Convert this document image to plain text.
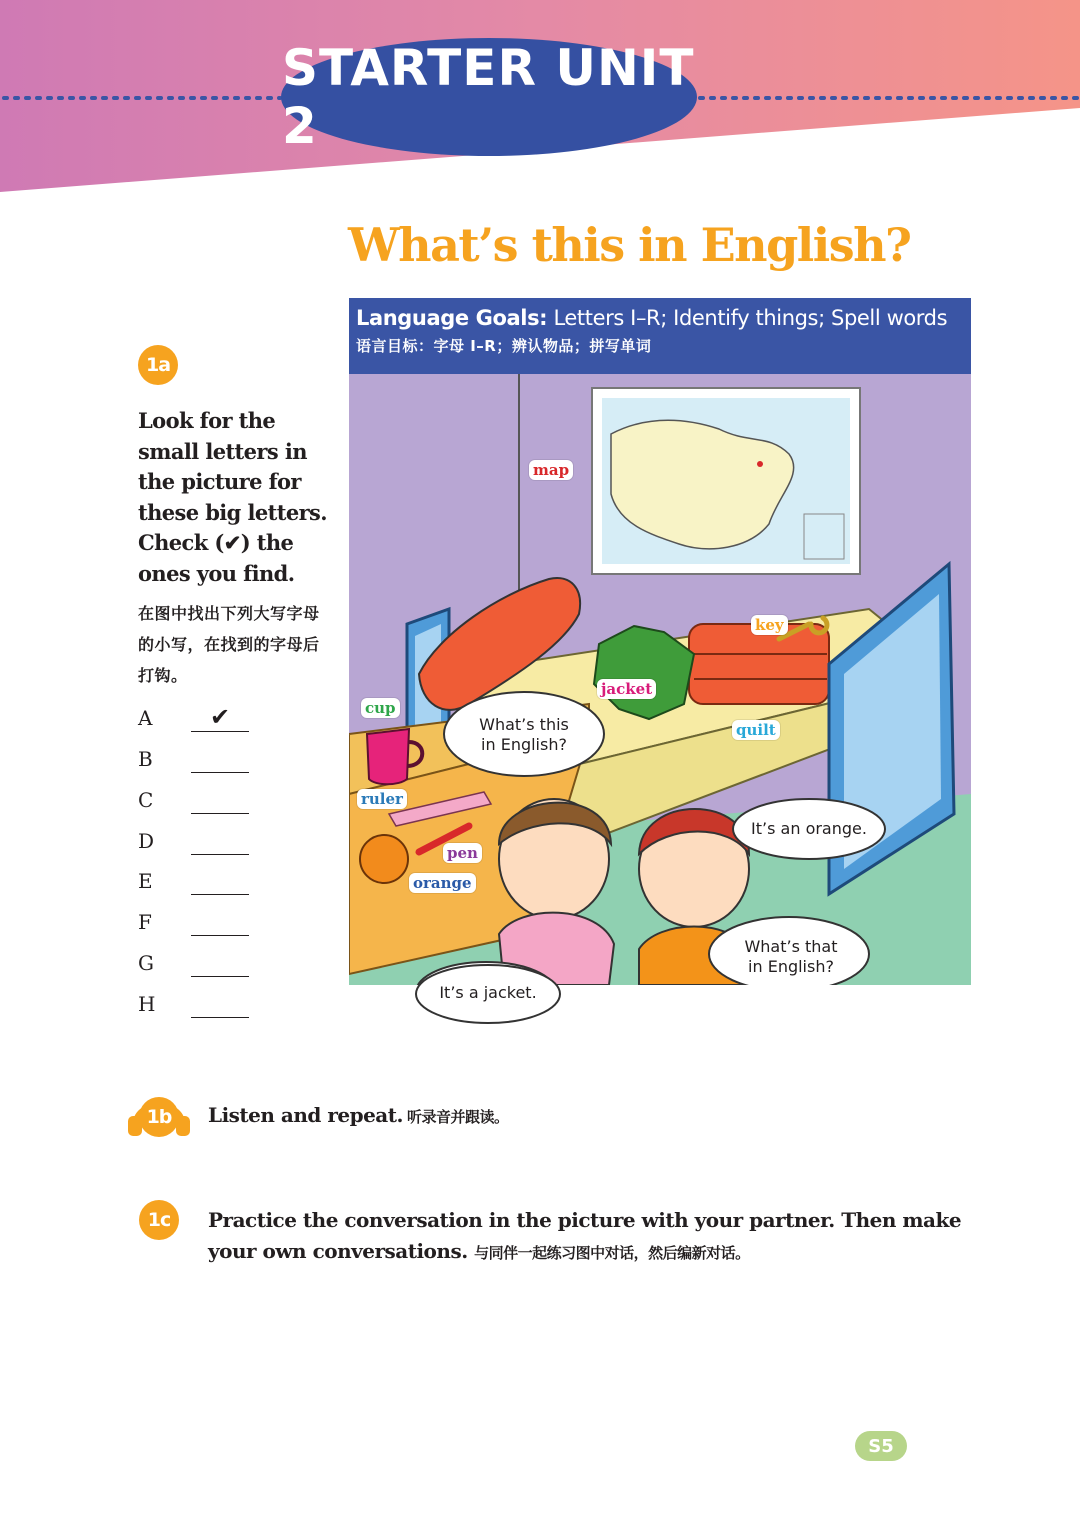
STARTER UNIT 2
What’s this in English?
1a
Look for the small letters in the picture for these big letters. Check (✔) the ones you find.
在图中找出下列大写字母的小写，在找到的字母后打钩。
A ✔
B
C
D
E
F
G
H
Language Goals: Letters I–R; Identify things; Spell words
语言目标：字母 I–R；辨认物品；拼写单词
map
key
jacket
quilt
cup
ruler
pen
orange
What’s this
in English?
It’s an orange.
What’s that
in English?
It’s a jacket.
1b	Listen and repeat. 听录音并跟读。
1c	Practice the conversation in the picture with your partner. Then make your own conversations. 与同伴一起练习图中对话，然后编新对话。
S5
